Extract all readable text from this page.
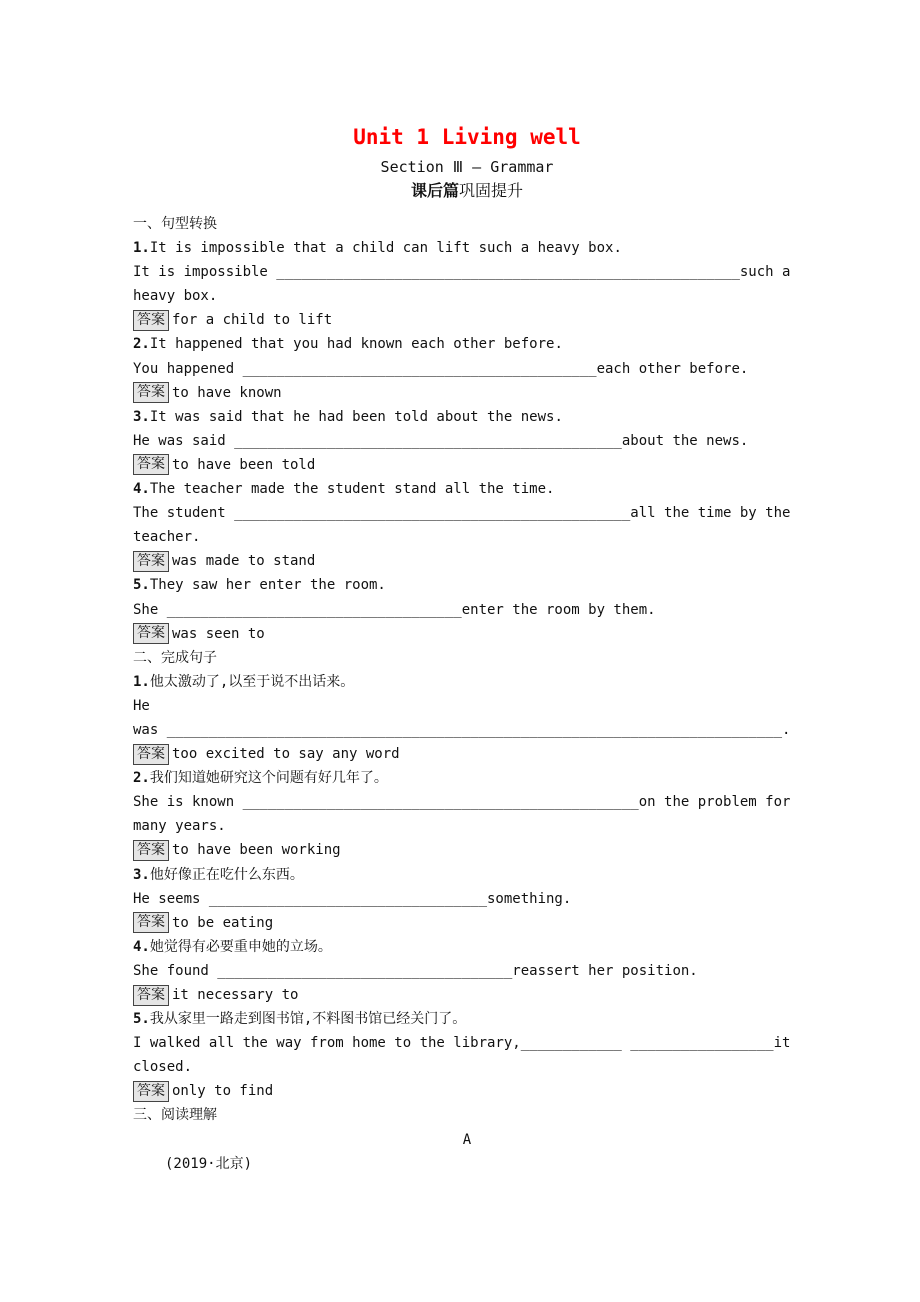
Unit 1 Living well
Section Ⅲ — Grammar
课后篇巩固提升
一、句型转换
1.It is impossible that a child can lift such a heavy box.
It is impossible _______________________________________________________such a
heavy box.
答案 for a child to lift
2.It happened that you had known each other before.
You happened __________________________________________each other before.
答案 to have known
3.It was said that he had been told about the news.
He was said ______________________________________________about the news.
答案 to have been told
4.The teacher made the student stand all the time.
The student _______________________________________________all the time by the
teacher.
答案 was made to stand
5.They saw her enter the room.
She ___________________________________enter the room by them.
答案 was seen to
二、完成句子
1.他太激动了,以至于说不出话来。
He
was _________________________________________________________________________.
答案 too excited to say any word
2.我们知道她研究这个问题有好几年了。
She is known _______________________________________________on the problem for
many years.
答案 to have been working
3.他好像正在吃什么东西。
He seems _________________________________something.
答案 to be eating
4.她觉得有必要重申她的立场。
She found ___________________________________reassert her position.
答案 it necessary to
5.我从家里一路走到图书馆,不料图书馆已经关门了。
I walked all the way from home to the library,____________ _________________it
closed.
答案 only to find
三、阅读理解
A
(2019·北京)
